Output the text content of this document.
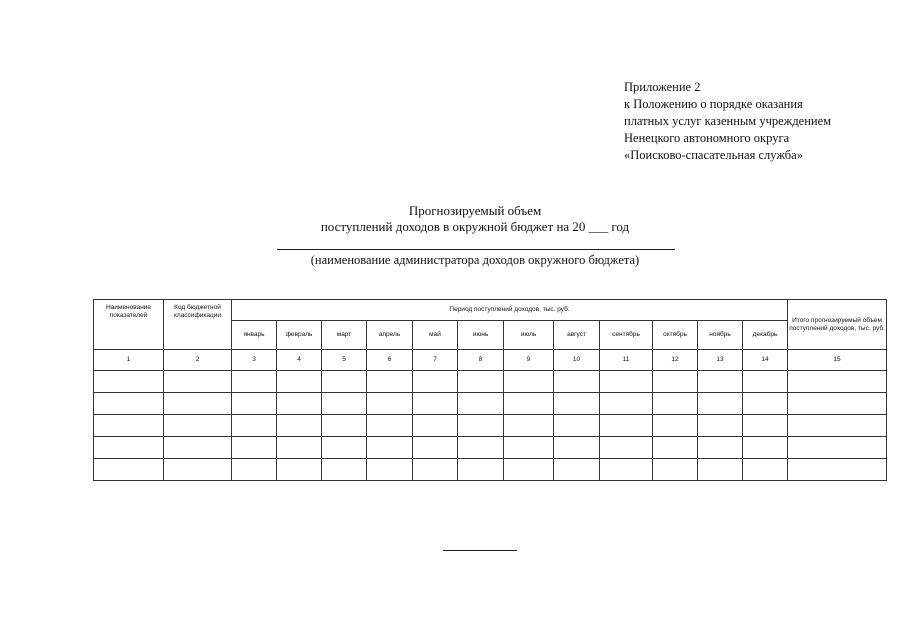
Приложение 2
к Положению о порядке оказания
платных услуг казенным учреждением
Ненецкого автономного округа
«Поисково-спасательная служба»
Прогнозируемый объем
поступлений доходов в окружной бюджет на 20 ___ год
(наименование администратора доходов окружного бюджета)
Наименование показателей	Код бюджетной классификации	Период поступлений доходов, тыс. руб.												Итого прогнозируемый объем поступлений доходов, тыс. руб.
		январь	февраль	март	апрель	май	июнь	июль	август	сентябрь	октябрь	ноябрь	декабрь	
1	2	3	4	5	6	7	8	9	10	11	12	13	14	15
